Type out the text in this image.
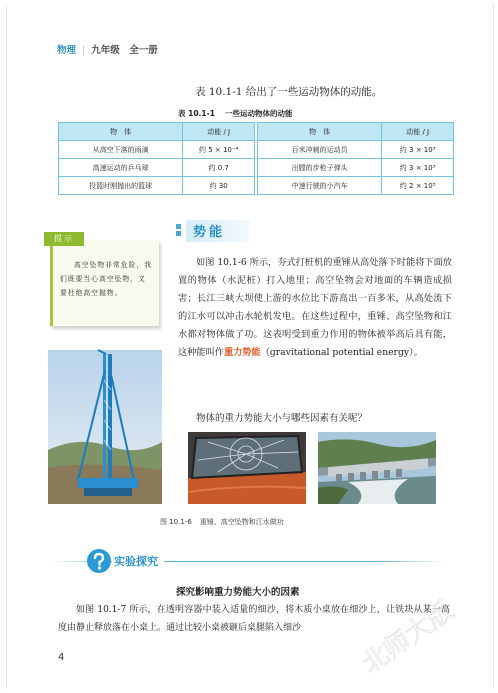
物理 | 九年级　全一册
表 10.1-1 给出了一些运动物体的动能。
表 10.1-1 一些运动物体的动能
物　体	动能 / J		物　体	动能 / J
从高空下落的雨滴	约 5 × 10⁻⁴		百米冲刺的运动员	约 3 × 10³
高速运动的乒乓球	约 0.7		出膛的步枪子弹头	约 3 × 10³
投篮时刚抛出的篮球	约 30		中速行驶的小汽车	约 2 × 10⁵
提示
高空坠物非常危险，我们既要当心高空坠物，又要杜绝高空抛物。
势能

如图 10.1-6 所示，夯式打桩机的重锤从高处落下时能将下面放置的物体（水泥桩）打入地里；高空坠物会对地面的车辆造成损害；长江三峡大坝使上游的水位比下游高出一百多米，从高处流下的江水可以冲击水轮机发电。在这些过程中，重锤、高空坠物和江水都对物体做了功。这表明受到重力作用的物体被举高后具有能，这种能叫作重力势能（gravitational potential energy）。

物体的重力势能大小与哪些因素有关呢？
图 10.1-6 重锤、高空坠物和江水做功
实验探究
探究影响重力势能大小的因素

如图 10.1-7 所示，在透明容器中装入适量的细沙，将木质小桌放在细沙上，让铁块从某一高度由静止释放落在小桌上。通过比较小桌被砸后桌腿陷入细沙

4	北师大版
